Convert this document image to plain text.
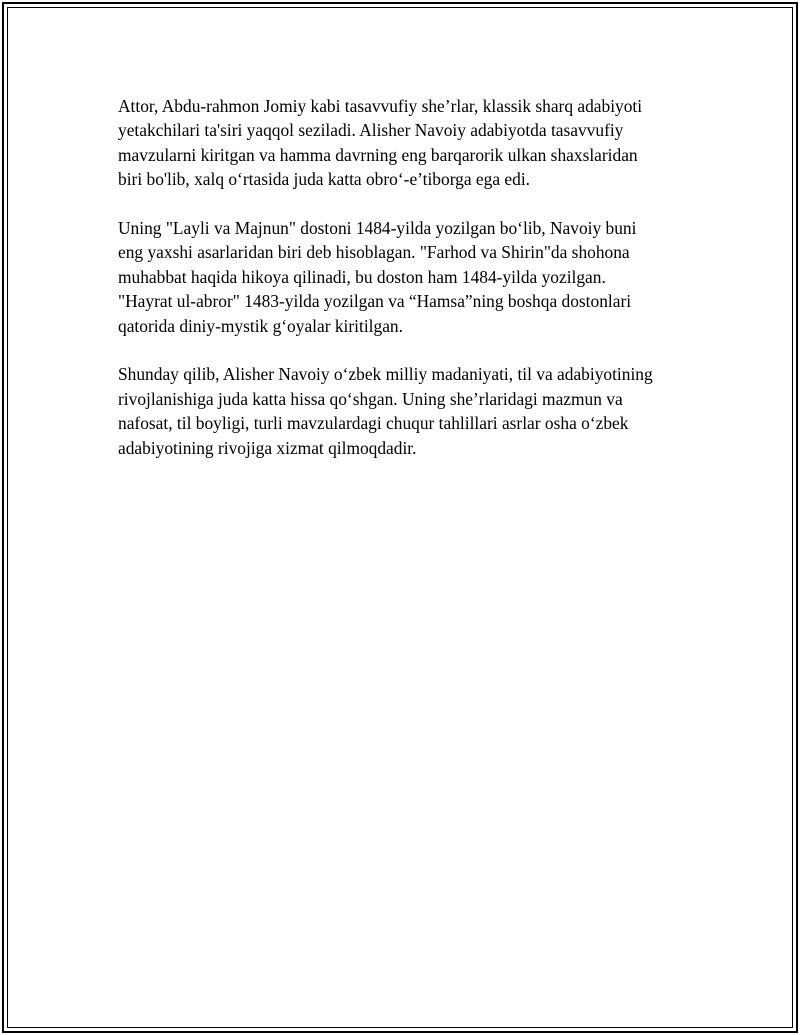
Attor, Abdu-rahmon Jomiy kabi tasavvufiy she’rlar, klassik sharq adabiyoti
yetakchilari ta'siri yaqqol seziladi. Alisher Navoiy adabiyotda tasavvufiy
mavzularni kiritgan va hamma davrning eng barqarorik ulkan shaxslaridan
biri bo'lib, xalq o‘rtasida juda katta obro‘-e’tiborga ega edi.

Uning "Layli va Majnun" dostoni 1484-yilda yozilgan bo‘lib, Navoiy buni
eng yaxshi asarlaridan biri deb hisoblagan. "Farhod va Shirin"da shohona
muhabbat haqida hikoya qilinadi, bu doston ham 1484-yilda yozilgan.
"Hayrat ul-abror" 1483-yilda yozilgan va “Hamsa”ning boshqa dostonlari
qatorida diniy-mystik g‘oyalar kiritilgan.

Shunday qilib, Alisher Navoiy o‘zbek milliy madaniyati, til va adabiyotining
rivojlanishiga juda katta hissa qo‘shgan. Uning she’rlaridagi mazmun va
nafosat, til boyligi, turli mavzulardagi chuqur tahlillari asrlar osha o‘zbek
adabiyotining rivojiga xizmat qilmoqdadir.
